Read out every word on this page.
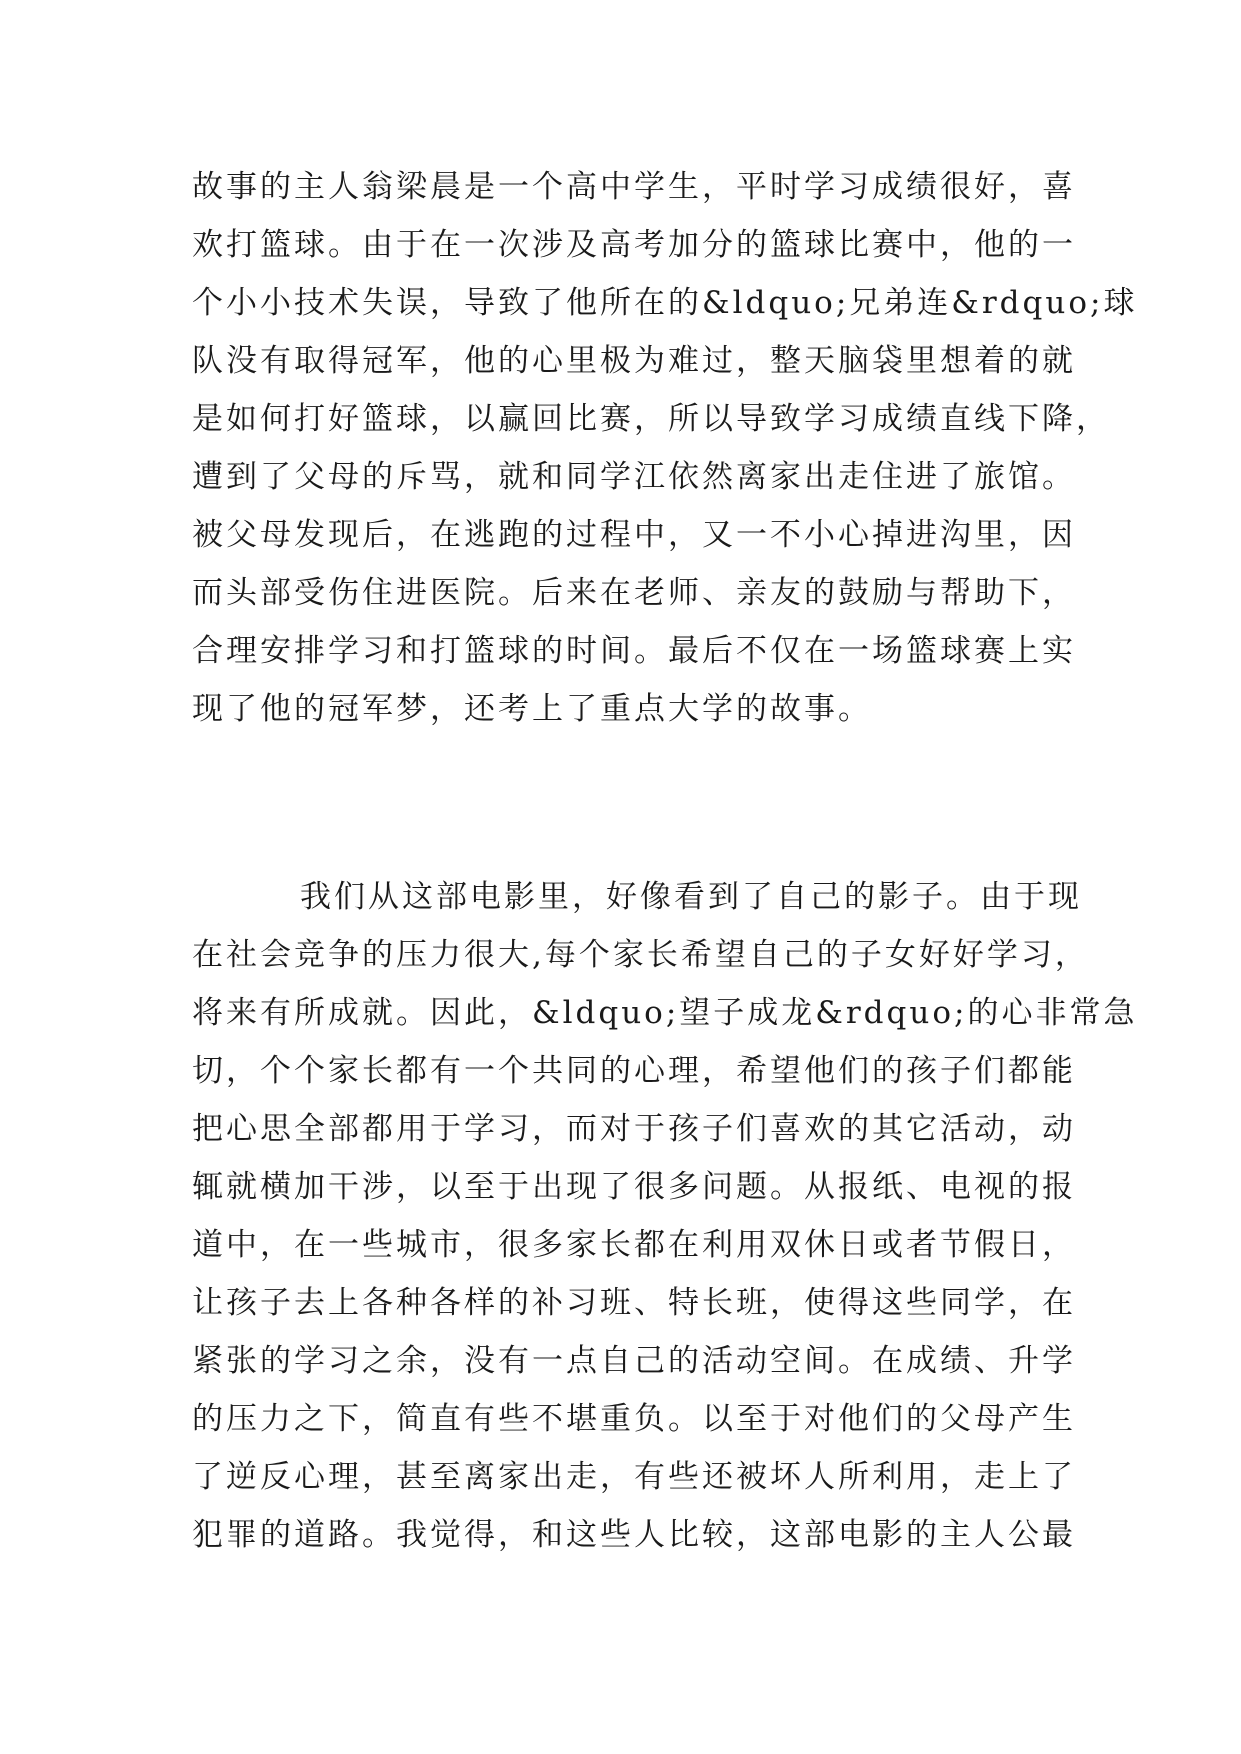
故事的主人翁梁晨是一个高中学生，平时学习成绩很好，喜
欢打篮球。由于在一次涉及高考加分的篮球比赛中，他的一
个小小技术失误，导致了他所在的&ldquo;兄弟连&rdquo;球
队没有取得冠军，他的心里极为难过，整天脑袋里想着的就
是如何打好篮球，以赢回比赛，所以导致学习成绩直线下降，
遭到了父母的斥骂，就和同学江依然离家出走住进了旅馆。
被父母发现后，在逃跑的过程中，又一不小心掉进沟里，因
而头部受伤住进医院。后来在老师、亲友的鼓励与帮助下，
合理安排学习和打篮球的时间。最后不仅在一场篮球赛上实
现了他的冠军梦，还考上了重点大学的故事。
我们从这部电影里，好像看到了自己的影子。由于现
在社会竞争的压力很大,每个家长希望自己的子女好好学习，
将来有所成就。因此，&ldquo;望子成龙&rdquo;的心非常急
切，个个家长都有一个共同的心理，希望他们的孩子们都能
把心思全部都用于学习，而对于孩子们喜欢的其它活动，动
辄就横加干涉，以至于出现了很多问题。从报纸、电视的报
道中，在一些城市，很多家长都在利用双休日或者节假日，
让孩子去上各种各样的补习班、特长班，使得这些同学，在
紧张的学习之余，没有一点自己的活动空间。在成绩、升学
的压力之下，简直有些不堪重负。以至于对他们的父母产生
了逆反心理，甚至离家出走，有些还被坏人所利用，走上了
犯罪的道路。我觉得，和这些人比较，这部电影的主人公最
